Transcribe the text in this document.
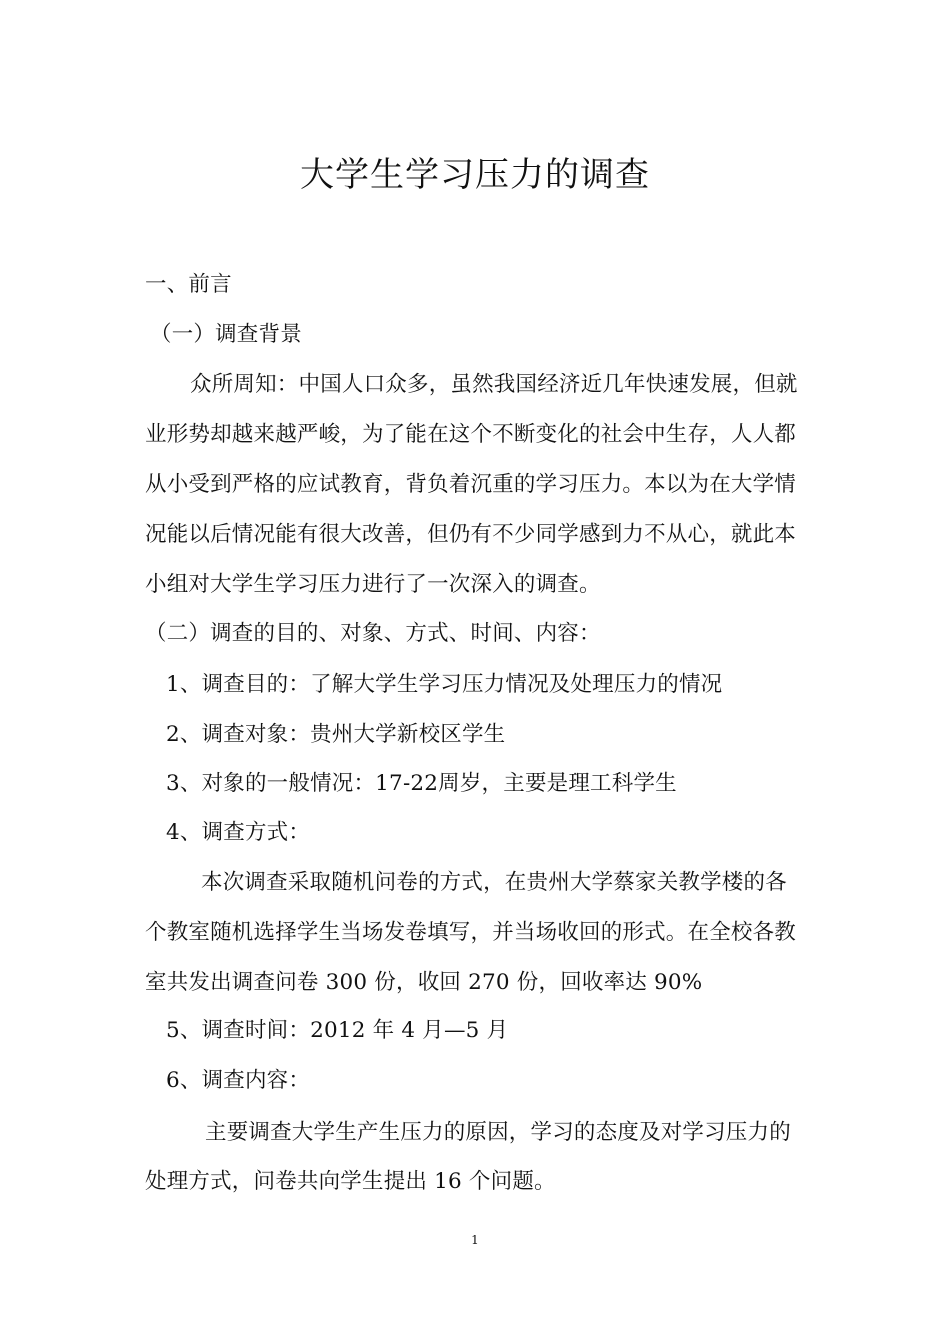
大学生学习压力的调查

一、前言

（一）调查背景

众所周知：中国人口众多，虽然我国经济近几年快速发展，但就

业形势却越来越严峻，为了能在这个不断变化的社会中生存，人人都

从小受到严格的应试教育，背负着沉重的学习压力。本以为在大学情

况能以后情况能有很大改善，但仍有不少同学感到力不从心，就此本

小组对大学生学习压力进行了一次深入的调查。

（二）调查的目的、对象、方式、时间、内容：

1、调查目的：了解大学生学习压力情况及处理压力的情况

2、调查对象：贵州大学新校区学生

3、对象的一般情况：17-22周岁，主要是理工科学生

4、调查方式：

本次调查采取随机问卷的方式，在贵州大学蔡家关教学楼的各

个教室随机选择学生当场发卷填写，并当场收回的形式。在全校各教

室共发出调查问卷 300 份，收回 270 份，回收率达 90%

5、调查时间：2012 年 4 月—5 月

6、调查内容：

主要调查大学生产生压力的原因，学习的态度及对学习压力的

处理方式，问卷共向学生提出 16 个问题。

1
